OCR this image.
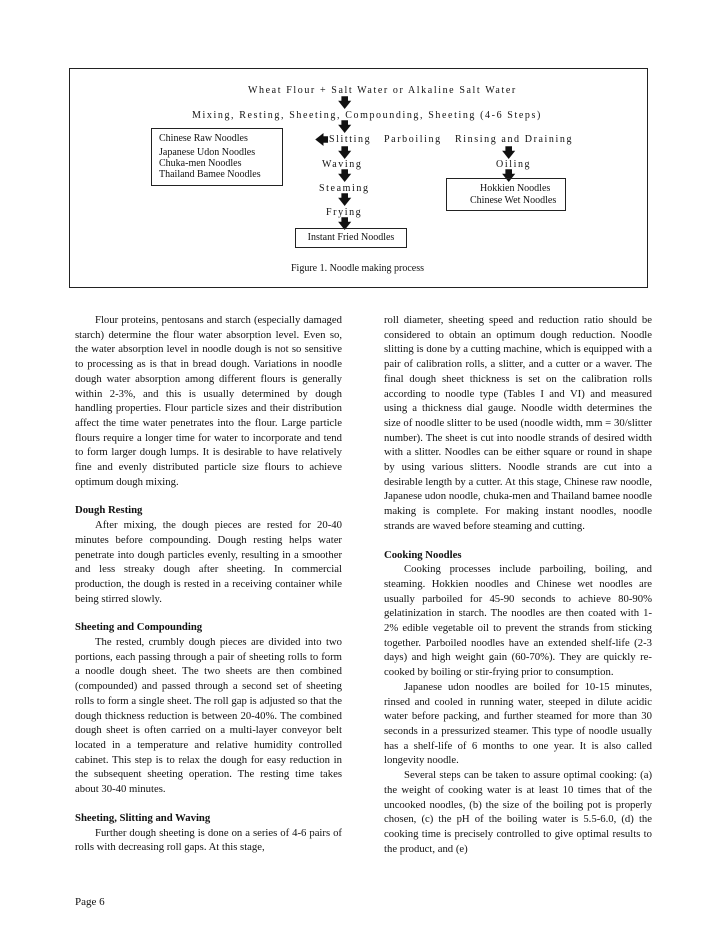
Wheat Flour + Salt Water or Alkaline Salt Water
🡇
Mixing, Resting, Sheeting, Compounding, Sheeting (4-6 Steps)
🡇
Chinese Raw Noodles
Japanese Udon Noodles
Chuka-men Noodles
Thailand Bamee Noodles
🡄 Slitting Parboiling Rinsing and Draining
🡇	🡇
Waving	Oiling
🡇	🡇
Steaming	Hokkien Noodles
Chinese Wet Noodles
🡇
Frying
🡇
Instant Fried Noodles
Figure 1. Noodle making process

Flour proteins, pentosans and starch (especially damaged starch) determine the flour water absorption level. Even so, the water absorption level in noodle dough is not so sensitive to processing as is that in bread dough. Variations in noodle dough water absorption among different flours is generally within 2-3%, and this is usually determined by dough handling properties. Flour particle sizes and their distribution affect the time water penetrates into the flour. Large particle flours require a longer time for water to incorporate and tend to form larger dough lumps. It is desirable to have relatively fine and evenly distributed particle size flours to achieve optimum dough mixing.

Dough Resting

After mixing, the dough pieces are rested for 20-40 minutes before compounding. Dough resting helps water penetrate into dough particles evenly, resulting in a smoother and less streaky dough after sheeting. In commercial production, the dough is rested in a receiving container while being stirred slowly.

Sheeting and Compounding

The rested, crumbly dough pieces are divided into two portions, each passing through a pair of sheeting rolls to form a noodle dough sheet. The two sheets are then combined (compounded) and passed through a second set of sheeting rolls to form a single sheet. The roll gap is adjusted so that the dough thickness reduction is between 20-40%. The combined dough sheet is often carried on a multi-layer conveyor belt located in a temperature and relative humidity controlled cabinet. This step is to relax the dough for easy reduction in the subsequent sheeting operation. The resting time takes about 30-40 minutes.

Sheeting, Slitting and Waving

Further dough sheeting is done on a series of 4-6 pairs of rolls with decreasing roll gaps. At this stage,

roll diameter, sheeting speed and reduction ratio should be considered to obtain an optimum dough reduction. Noodle slitting is done by a cutting machine, which is equipped with a pair of calibration rolls, a slitter, and a cutter or a waver. The final dough sheet thickness is set on the calibration rolls according to noodle type (Tables I and VI) and measured using a thickness dial gauge. Noodle width determines the size of noodle slitter to be used (noodle width, mm = 30/slitter number). The sheet is cut into noodle strands of desired width with a slitter. Noodles can be either square or round in shape by using various slitters. Noodle strands are cut into a desirable length by a cutter. At this stage, Chinese raw noodle, Japanese udon noodle, chuka-men and Thailand bamee noodle making is complete. For making instant noodles, noodle strands are waved before steaming and cutting.

Cooking Noodles

Cooking processes include parboiling, boiling, and steaming. Hokkien noodles and Chinese wet noodles are usually parboiled for 45-90 seconds to achieve 80-90% gelatinization in starch. The noodles are then coated with 1-2% edible vegetable oil to prevent the strands from sticking together. Parboiled noodles have an extended shelf-life (2-3 days) and high weight gain (60-70%). They are quickly re-cooked by boiling or stir-frying prior to consumption.

Japanese udon noodles are boiled for 10-15 minutes, rinsed and cooled in running water, steeped in dilute acidic water before packing, and further steamed for more than 30 seconds in a pressurized steamer. This type of noodle usually has a shelf-life of 6 months to one year. It is also called longevity noodle.

Several steps can be taken to assure optimal cooking: (a) the weight of cooking water is at least 10 times that of the uncooked noodles, (b) the size of the boiling pot is properly chosen, (c) the pH of the boiling water is 5.5-6.0, (d) the cooking time is precisely controlled to give optimal results to the product, and (e)

Page 6
